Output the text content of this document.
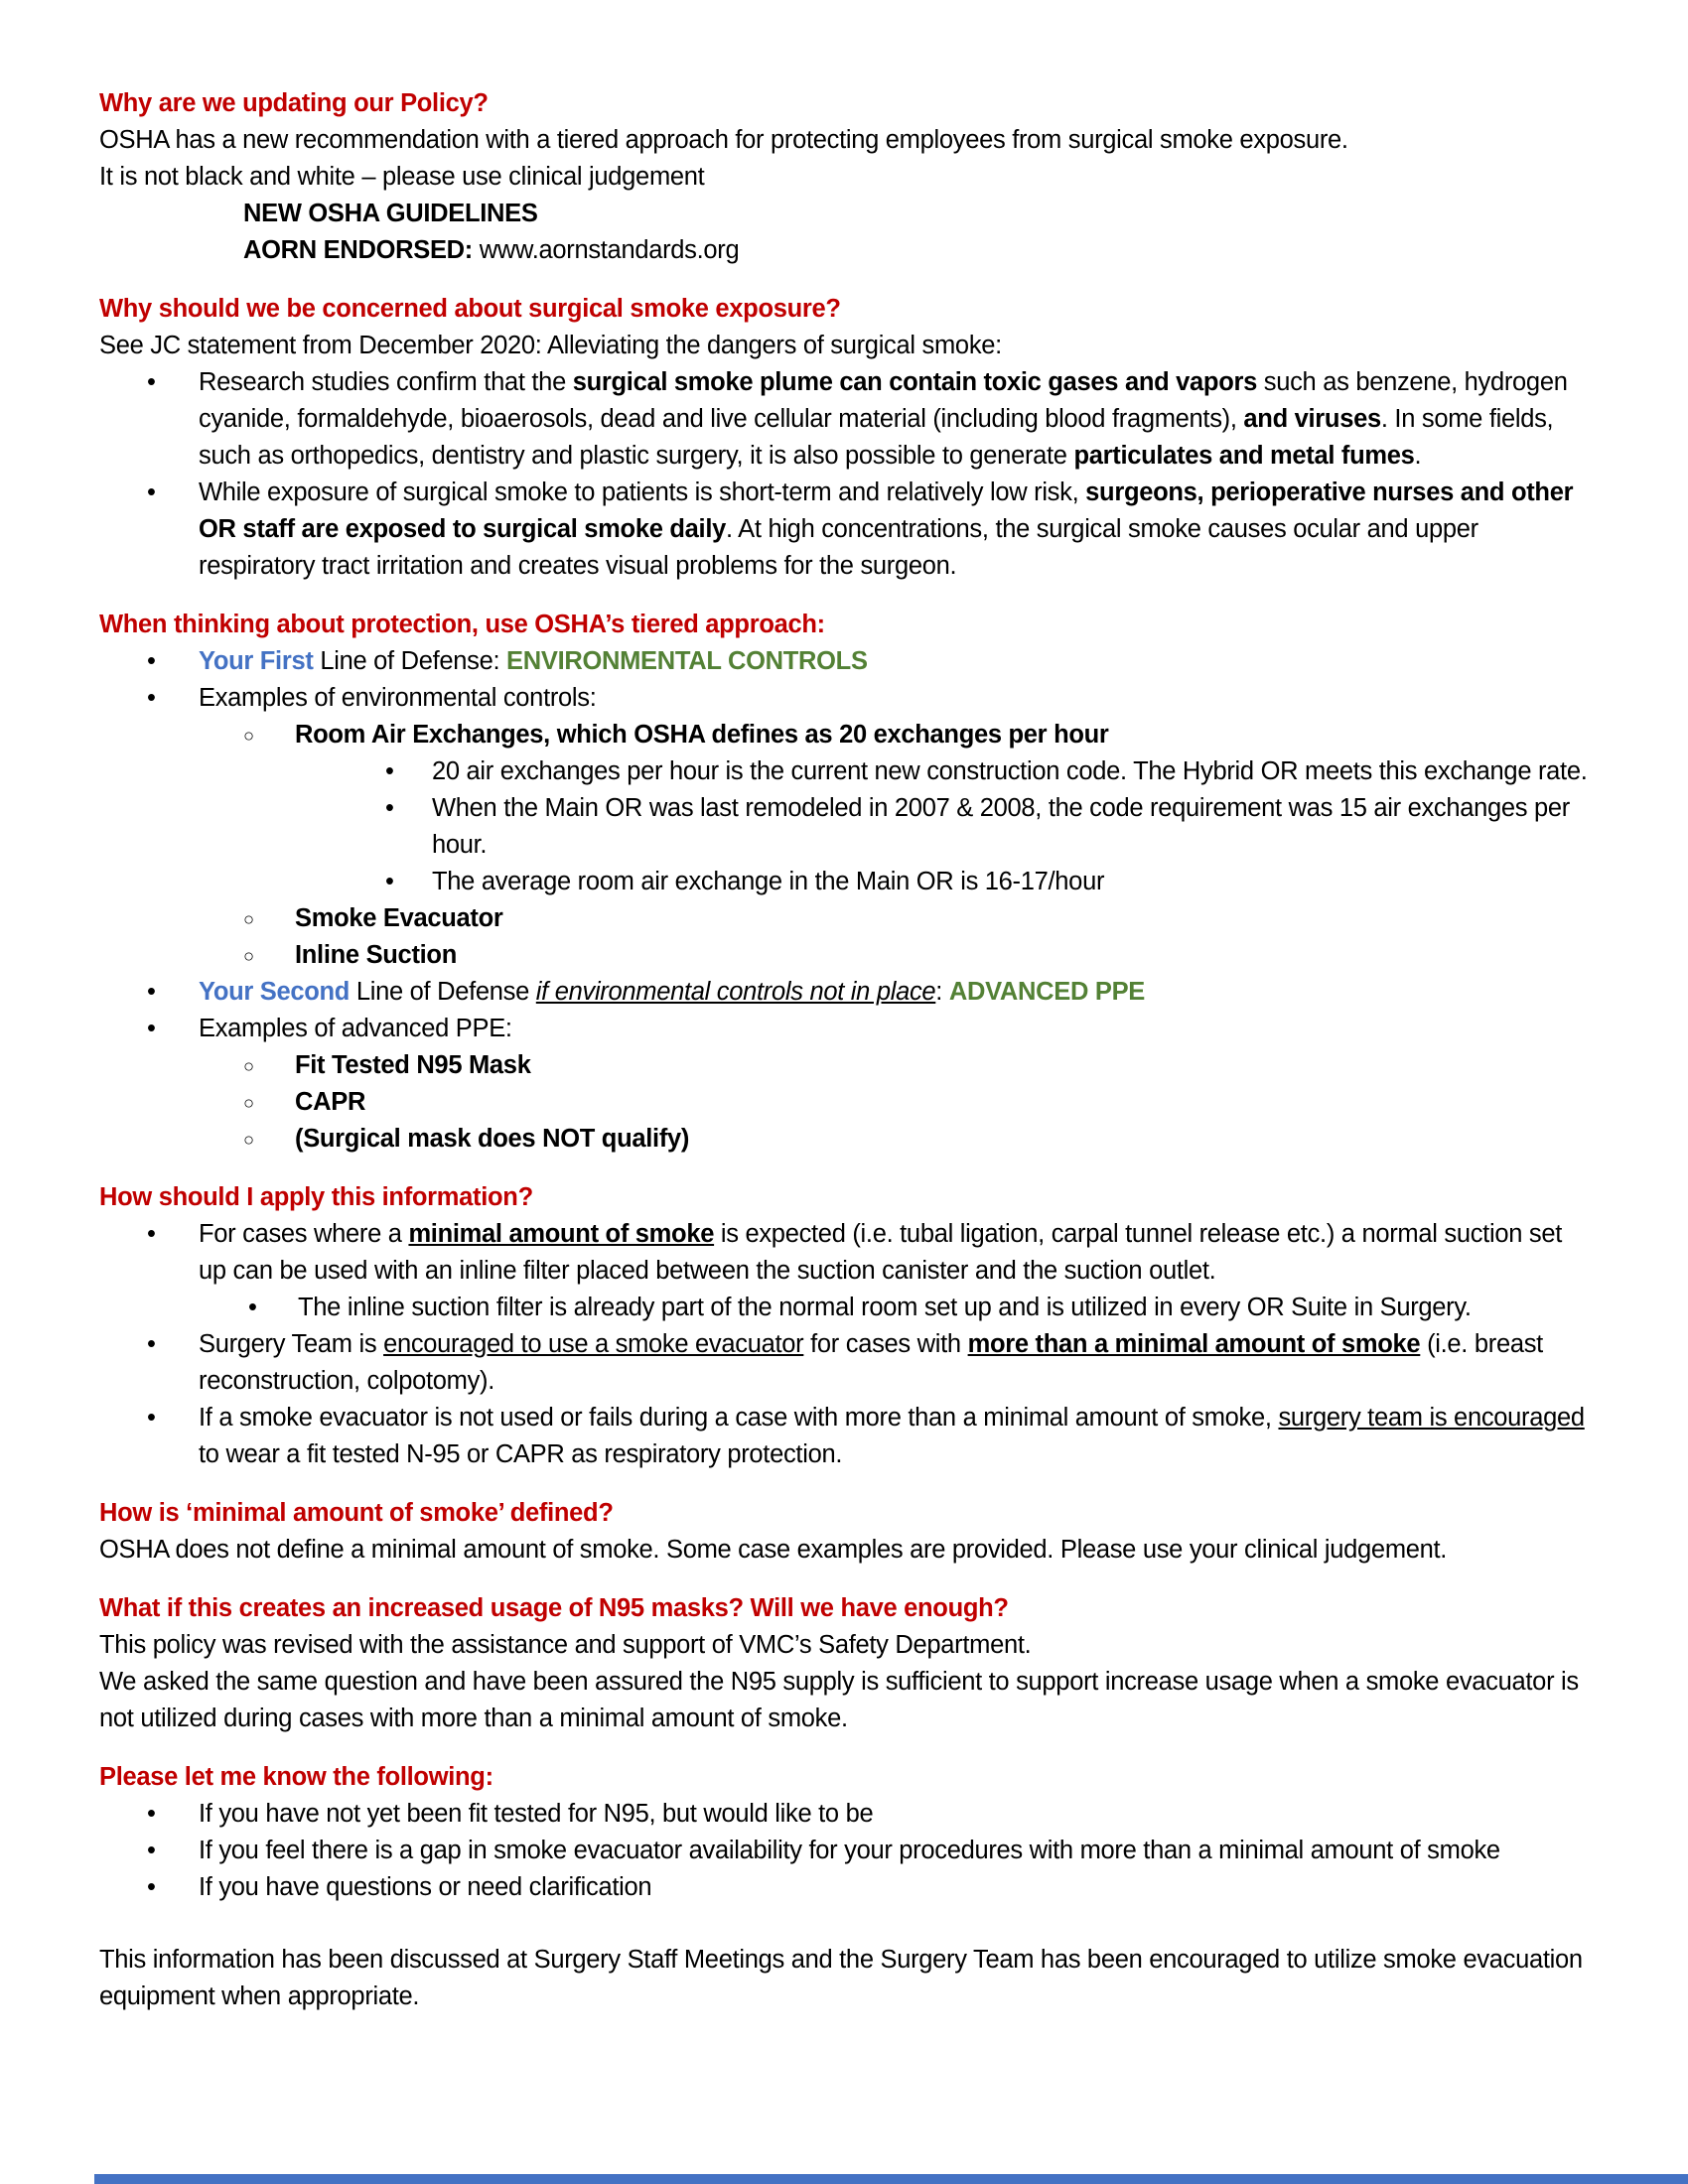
Why are we updating our Policy?
OSHA has a new recommendation with a tiered approach for protecting employees from surgical smoke exposure.
It is not black and white – please use clinical judgement
NEW OSHA GUIDELINES
AORN ENDORSED: www.aornstandards.org
Why should we be concerned about surgical smoke exposure?
See JC statement from December 2020: Alleviating the dangers of surgical smoke:
•	Research studies confirm that the surgical smoke plume can contain toxic gases and vapors such as benzene, hydrogen cyanide, formaldehyde, bioaerosols, dead and live cellular material (including blood fragments), and viruses. In some fields, such as orthopedics, dentistry and plastic surgery, it is also possible to generate particulates and metal fumes.
•	While exposure of surgical smoke to patients is short-term and relatively low risk, surgeons, perioperative nurses and other OR staff are exposed to surgical smoke daily. At high concentrations, the surgical smoke causes ocular and upper respiratory tract irritation and creates visual problems for the surgeon.
When thinking about protection, use OSHA’s tiered approach:
•	Your First Line of Defense: ENVIRONMENTAL CONTROLS
•	Examples of environmental controls:
○	Room Air Exchanges, which OSHA defines as 20 exchanges per hour
•	20 air exchanges per hour is the current new construction code. The Hybrid OR meets this exchange rate.
•	When the Main OR was last remodeled in 2007 & 2008, the code requirement was 15 air exchanges per hour.
•	The average room air exchange in the Main OR is 16-17/hour
○	Smoke Evacuator
○	Inline Suction
•	Your Second Line of Defense if environmental controls not in place: ADVANCED PPE
•	Examples of advanced PPE:
○	Fit Tested N95 Mask
○	CAPR
○	(Surgical mask does NOT qualify)
How should I apply this information?
•	For cases where a minimal amount of smoke is expected (i.e. tubal ligation, carpal tunnel release etc.) a normal suction set up can be used with an inline filter placed between the suction canister and the suction outlet.
•	The inline suction filter is already part of the normal room set up and is utilized in every OR Suite in Surgery.
•	Surgery Team is encouraged to use a smoke evacuator for cases with more than a minimal amount of smoke (i.e. breast reconstruction, colpotomy).
•	If a smoke evacuator is not used or fails during a case with more than a minimal amount of smoke, surgery team is encouraged to wear a fit tested N-95 or CAPR as respiratory protection.
How is ‘minimal amount of smoke’ defined?
OSHA does not define a minimal amount of smoke. Some case examples are provided. Please use your clinical judgement.
What if this creates an increased usage of N95 masks? Will we have enough?
This policy was revised with the assistance and support of VMC’s Safety Department.
We asked the same question and have been assured the N95 supply is sufficient to support increase usage when a smoke evacuator is not utilized during cases with more than a minimal amount of smoke.
Please let me know the following:
•	If you have not yet been fit tested for N95, but would like to be
•	If you feel there is a gap in smoke evacuator availability for your procedures with more than a minimal amount of smoke
•	If you have questions or need clarification
This information has been discussed at Surgery Staff Meetings and the Surgery Team has been encouraged to utilize smoke evacuation equipment when appropriate.
